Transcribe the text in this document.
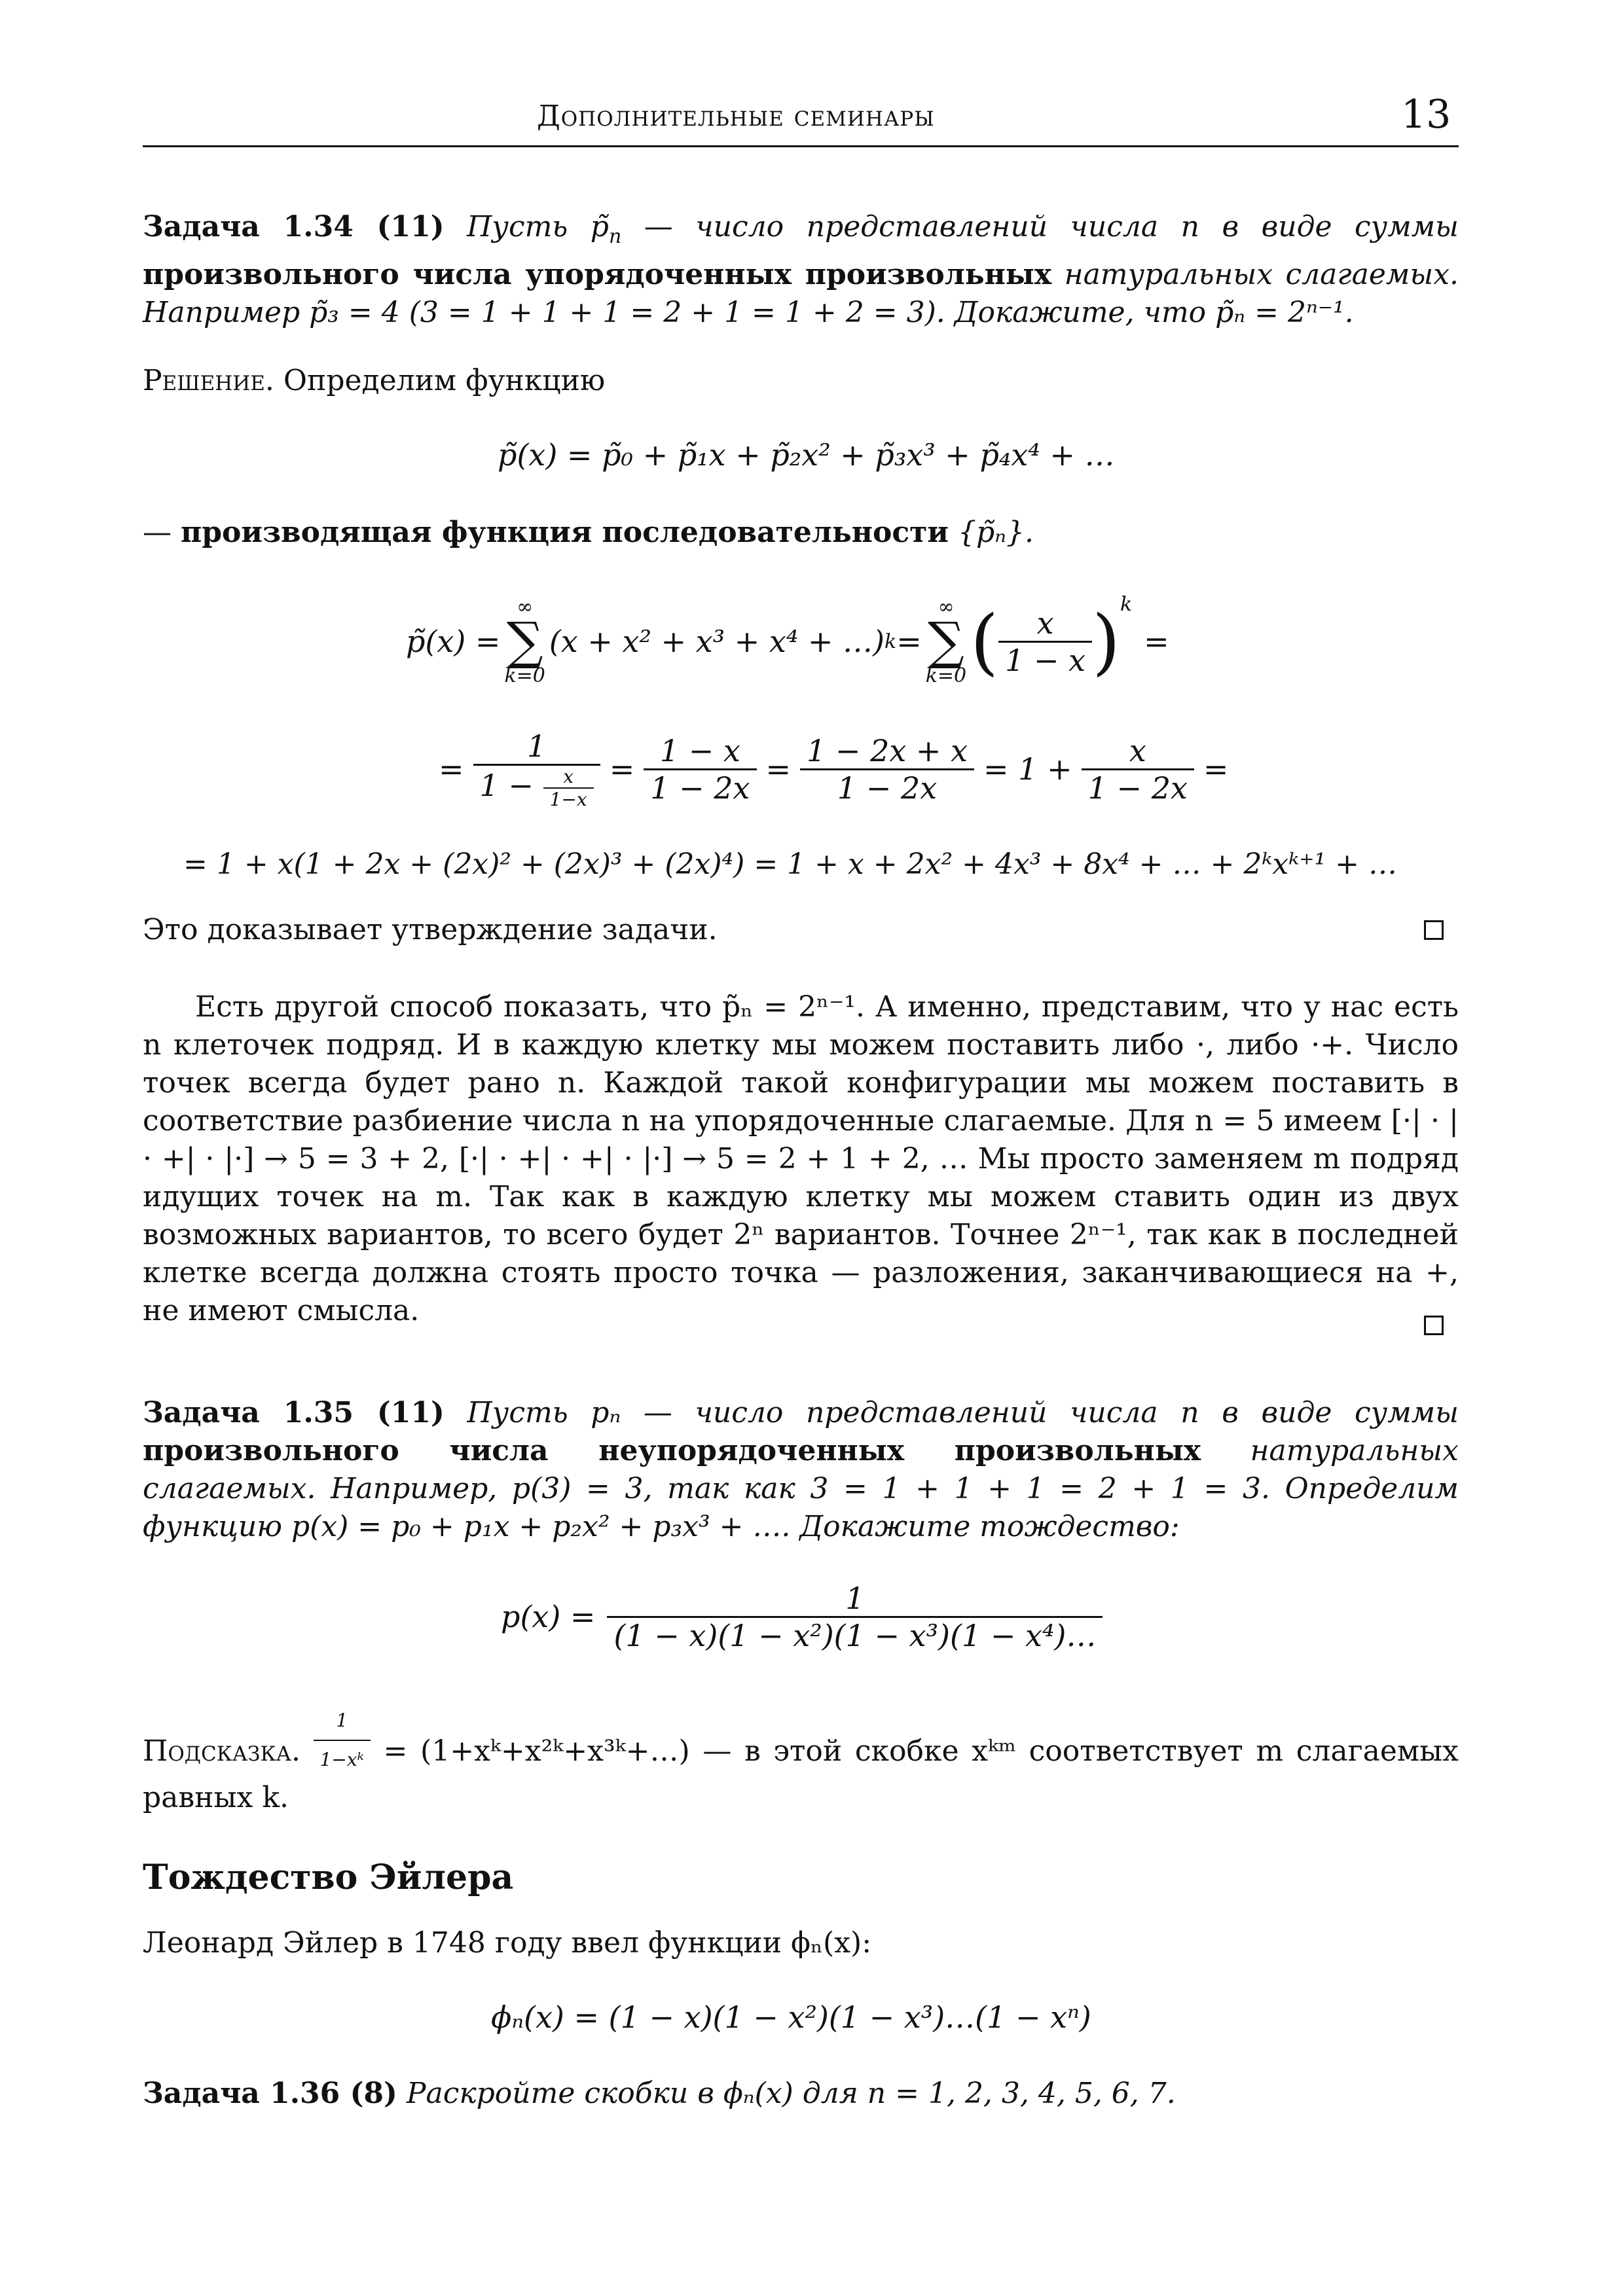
Дополнительные семинары	13
Задача 1.34 (11) Пусть $p̃_n$ — число представлений числа n в виде суммы произвольного числа упорядоченных произвольных натуральных слагаемых. Например p̃₃ = 4 (3 = 1 + 1 + 1 = 2 + 1 = 1 + 2 = 3). Докажите, что p̃ₙ = 2ⁿ⁻¹.
Решение. Определим функцию
p̃(x) = p̃₀ + p̃₁x + p̃₂x² + p̃₃x³ + p̃₄x⁴ + …
— производящая функция последовательности {p̃ₙ}.
p̃(x) =
∞
∑
k=0
(x + x² + x³ + x⁴ + …) k =
∞
∑
k=0 ( $\frac{x}{1 - x} )^k$
=
= $\frac{1}{1 - \frac{x}{1-x}} = \frac{1 - x}{1 - 2x} = \frac{1 - 2x + x}{1 - 2x} = 1 + \frac{x}{1 - 2x}$ =
= 1 + x(1 + 2x + (2x)² + (2x)³ + (2x)⁴) = 1 + x + 2x² + 4x³ + 8x⁴ + … + 2ᵏxᵏ⁺¹ + …
Это доказывает утверждение задачи.
Есть другой способ показать, что p̃ₙ = 2ⁿ⁻¹. А именно, представим, что у нас есть n клеточек подряд. И в каждую клетку мы можем поставить либо ·, либо ·+. Число точек всегда будет рано n. Каждой такой конфигурации мы можем поставить в соответствие разбиение числа n на упорядоченные слагаемые. Для n = 5 имеем [·| · | · +| · |·] → 5 = 3 + 2, [·| · +| · +| · |·] → 5 = 2 + 1 + 2, … Мы просто заменяем m подряд идущих точек на m. Так как в каждую клетку мы можем ставить один из двух возможных вариантов, то всего будет 2ⁿ вариантов. Точнее 2ⁿ⁻¹, так как в последней клетке всегда должна стоять просто точка — разложения, заканчивающиеся на +, не имеют смысла.
Задача 1.35 (11) Пусть pₙ — число представлений числа n в виде суммы произвольного числа неупорядоченных произвольных натуральных слагаемых. Например, p(3) = 3, так как 3 = 1 + 1 + 1 = 2 + 1 = 3. Определим функцию p(x) = p₀ + p₁x + p₂x² + p₃x³ + …. Докажите тождество:
$p(x) = \frac{1}{\text{(1 − x)(1 − x²)(1 − x³)(1 − x⁴)…}}$
Подсказка. $\frac{1}{\text{1−xᵏ}}$ = (1+xᵏ+x²ᵏ+x³ᵏ+…) — в этой скобке xᵏᵐ соответствует m слагаемых равных k.
Тождество Эйлера
Леонард Эйлер в 1748 году ввел функции ϕₙ(x):
ϕₙ(x) = (1 − x)(1 − x²)(1 − x³)…(1 − xⁿ)
Задача 1.36 (8) Раскройте скобки в ϕₙ(x) для n = 1, 2, 3, 4, 5, 6, 7.
